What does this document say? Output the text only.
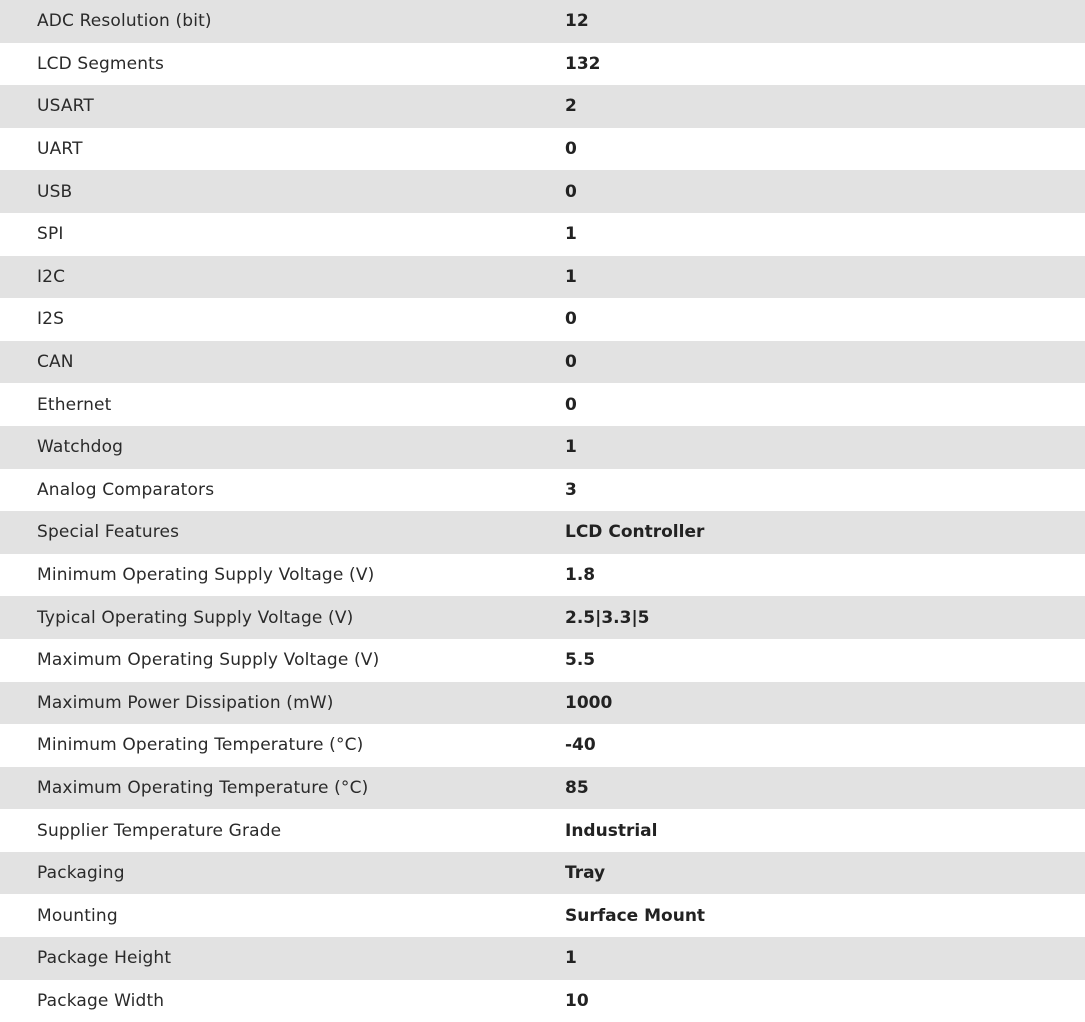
ADC Resolution (bit)	12
LCD Segments	132
USART	2
UART	0
USB	0
SPI	1
I2C	1
I2S	0
CAN	0
Ethernet	0
Watchdog	1
Analog Comparators	3
Special Features	LCD Controller
Minimum Operating Supply Voltage (V)	1.8
Typical Operating Supply Voltage (V)	2.5|3.3|5
Maximum Operating Supply Voltage (V)	5.5
Maximum Power Dissipation (mW)	1000
Minimum Operating Temperature (°C)	-40
Maximum Operating Temperature (°C)	85
Supplier Temperature Grade	Industrial
Packaging	Tray
Mounting	Surface Mount
Package Height	1
Package Width	10
